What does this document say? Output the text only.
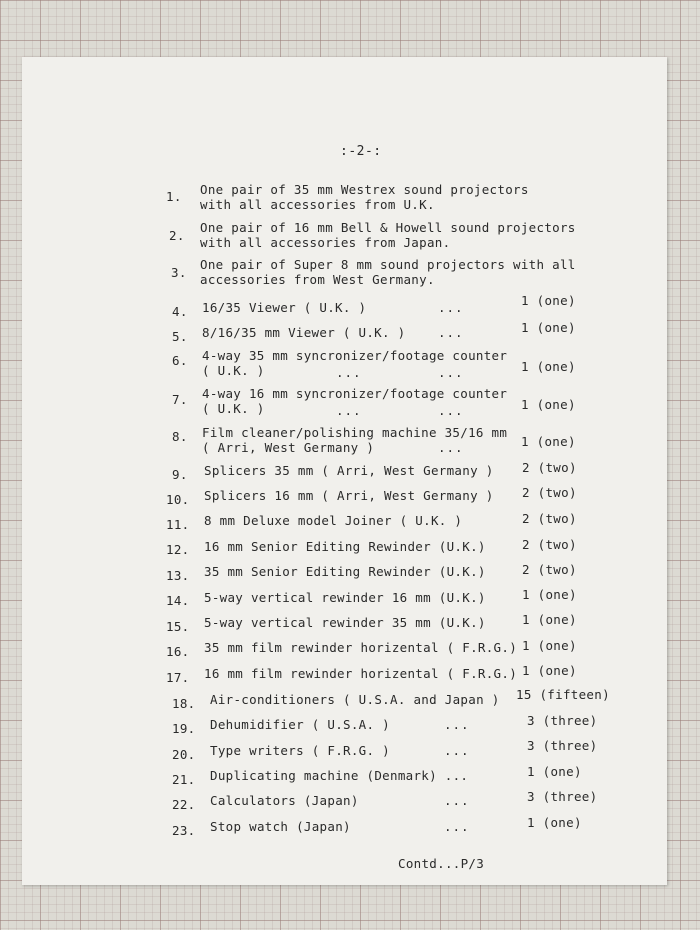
:-2-:
1. One pair of 35 mm Westrex sound projectors
with all accessories from U.K.
2.
One pair of 16 mm Bell & Howell sound projectors
with all accessories from Japan.
3.
One pair of Super 8 mm sound projectors with all
accessories from West Germany.
4. 16/35 Viewer ( U.K. )	...	1 (one)
5. 8/16/35 mm Viewer ( U.K. )	...	1 (one)
6. 4-way 35 mm syncronizer/footage counter
( U.K. )	...	...	1 (one)
7. 4-way 16 mm syncronizer/footage counter
( U.K. )	...	...	1 (one)
8. Film cleaner/polishing machine 35/16 mm
( Arri, West Germany )	...	1 (one)
9. Splicers 35 mm ( Arri, West Germany ) 2 (two)
10. Splicers 16 mm ( Arri, West Germany ) 2 (two)
11. 8 mm Deluxe model Joiner ( U.K. )	2 (two)
12. 16 mm Senior Editing Rewinder (U.K.)	2 (two)
13. 35 mm Senior Editing Rewinder (U.K.)	2 (two)
14. 5-way vertical rewinder 16 mm (U.K.)	1 (one)
15. 5-way vertical rewinder 35 mm (U.K.)	1 (one)
16. 35 mm film rewinder horizental ( F.R.G.) 1 (one)
17. 16 mm film rewinder horizental ( F.R.G.) 1 (one)
18. Air-conditioners ( U.S.A. and Japan ) 15 (fifteen)
19. Dehumidifier ( U.S.A. )	...	3 (three)
20. Type writers ( F.R.G. )	...	3 (three)
21. Duplicating machine (Denmark) ...	1 (one)
22. Calculators (Japan)	...	3 (three)
23. Stop watch (Japan)	...	1 (one)
Contd...P/3
